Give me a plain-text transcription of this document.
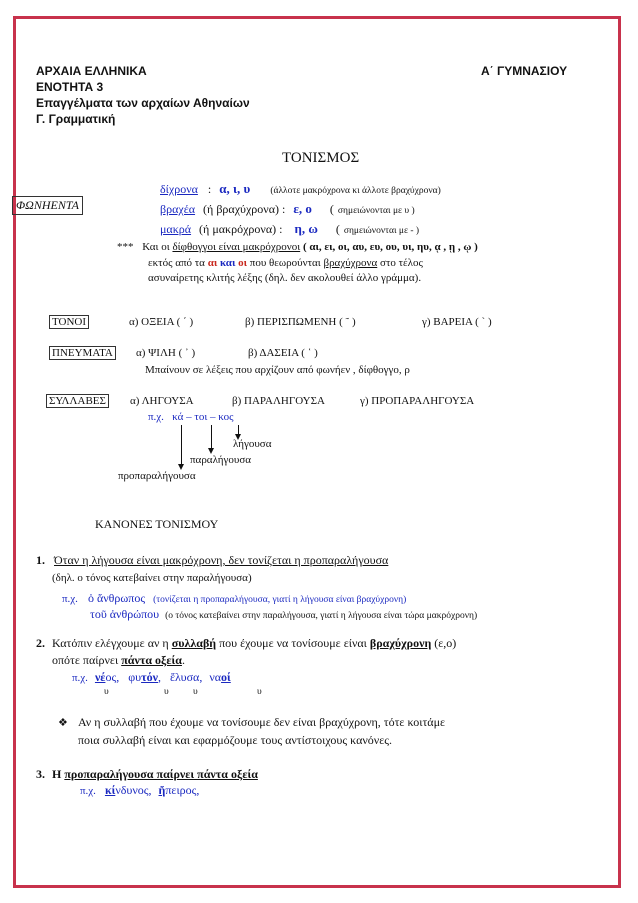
ΑΡΧΑΙΑ ΕΛΛΗΝΙΚΑ	Α΄ ΓΥΜΝΑΣΙΟΥ
ΕΝΟΤΗΤΑ 3
Επαγγέλματα των αρχαίων Αθηναίων
Γ. Γραμματική
ΤΟΝΙΣΜΟΣ
ΦΩΝΗΕΝΤΑ
δίχρονα : α, ι, υ (άλλοτε μακρόχρονα κι άλλοτε βραχύχρονα)
βραχέα (ή βραχύχρονα) : ε, ο ( σημειώνονται με υ )
μακρά (ή μακρόχρονα) : η, ω ( σημειώνονται με - )
*** Και οι δίφθογγοι είναι μακρόχρονοι ( αι, ει, οι, αυ, ευ, ου, υι, ηυ, ᾳ , ῃ , ῳ )
εκτός από τα αι και οι που θεωρούνται βραχύχρονα στο τέλος
ασυναίρετης κλιτής λέξης (δηλ. δεν ακολουθεί άλλο γράμμα).
ΤΟΝΟΙ	α) ΟΞΕΙΑ ( ΄ )	β) ΠΕΡΙΣΠΩΜΕΝΗ ( ῀ )	γ) ΒΑΡΕΙΑ ( ` )
ΠΝΕΥΜΑΤΑ α) ΨΙΛΗ ( ᾿ )	β) ΔΑΣΕΙΑ ( ῾ )
Μπαίνουν σε λέξεις που αρχίζουν από φωνήεν , δίφθογγο, ρ
ΣΥΛΛΑΒΕΣ α) ΛΗΓΟΥΣΑ	β) ΠΑΡΑΛΗΓΟΥΣΑ	γ) ΠΡΟΠΑΡΑΛΗΓΟΥΣΑ
π.χ.   κά – τοι – κος
λήγουσα
παραλήγουσα
προπαραλήγουσα
ΚΑΝΟΝΕΣ ΤΟΝΙΣΜΟΥ
1. Όταν η λήγουσα είναι μακρόχρονη, δεν τονίζεται η προπαραλήγουσα
(δηλ. ο τόνος κατεβαίνει στην παραλήγουσα)
π.χ. ὁ ἄνθρωπος (τονίζεται η προπαραλήγουσα, γιατί η λήγουσα είναι βραχύχρονη)
τοῦ ἀνθρώπου (ο τόνος κατεβαίνει στην παραλήγουσα, γιατί η λήγουσα είναι τώρα μακρόχρονη)
2. Κατόπιν ελέγχουμε αν η συλλαβή που έχουμε να τονίσουμε είναι βραχύχρονη (ε,ο)
οπότε παίρνει πάντα οξεία.
π.χ. νέος, φυτόν, ἔλυσα, ναοί
υ	υ	υ	υ
❖ Αν η συλλαβή που έχουμε να τονίσουμε δεν είναι βραχύχρονη, τότε κοιτάμε
ποια συλλαβή είναι και εφαρμόζουμε τους αντίστοιχους κανόνες.
3. Η προπαραλήγουσα παίρνει πάντα οξεία
π.χ. κίνδυνος, ἤπειρος,
